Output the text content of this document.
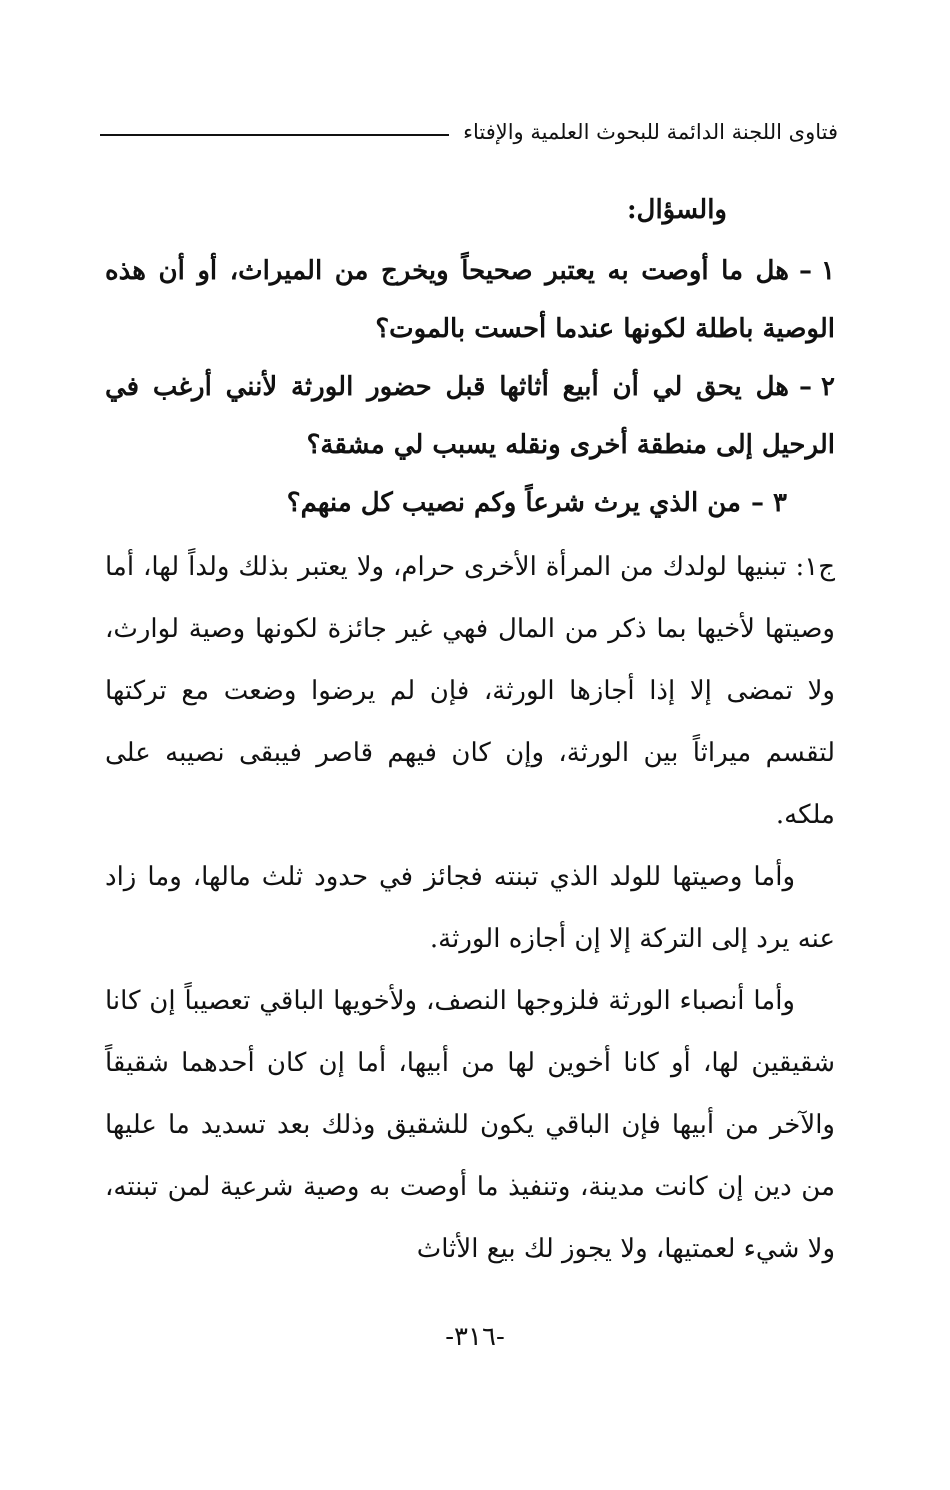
فتاوى اللجنة الدائمة للبحوث العلمية والإفتاء

والسؤال:

١ –هل ما أوصت به يعتبر صحيحاً ويخرج من الميراث، أو أن هذه الوصية باطلة لكونها عندما أحست بالموت؟

٢ –هل يحق لي أن أبيع أثاثها قبل حضور الورثة لأنني أرغب في الرحيل إلى منطقة أخرى ونقله يسبب لي مشقة؟

٣ –من الذي يرث شرعاً وكم نصيب كل منهم؟

ج١: تبنيها لولدك من المرأة الأخرى حرام، ولا يعتبر بذلك ولداً لها، أما وصيتها لأخيها بما ذكر من المال فهي غير جائزة لكونها وصية لوارث، ولا تمضى إلا إذا أجازها الورثة، فإن لم يرضوا وضعت مع تركتها لتقسم ميراثاً بين الورثة، وإن كان فيهم قاصر فيبقى نصيبه على ملكه.

وأما وصيتها للولد الذي تبنته فجائز في حدود ثلث مالها، وما زاد عنه يرد إلى التركة إلا إن أجازه الورثة.

وأما أنصباء الورثة فلزوجها النصف، ولأخويها الباقي تعصيباً إن كانا شقيقين لها، أو كانا أخوين لها من أبيها، أما إن كان أحدهما شقيقاً والآخر من أبيها فإن الباقي يكون للشقيق وذلك بعد تسديد ما عليها من دين إن كانت مدينة، وتنفيذ ما أوصت به وصية شرعية لمن تبنته، ولا شيء لعمتيها، ولا يجوز لك بيع الأثاث

-٣١٦-
